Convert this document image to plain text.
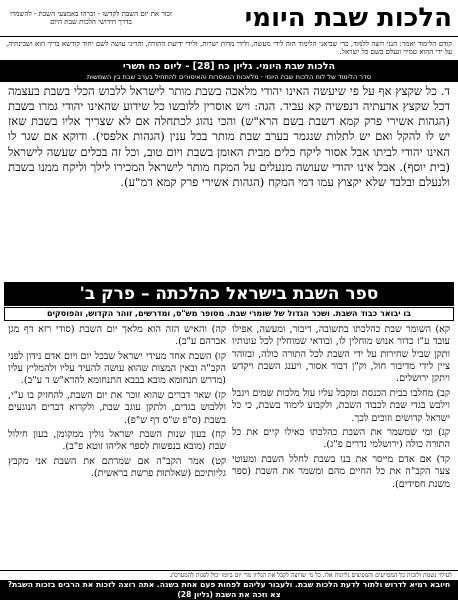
הלכות שבת היומי
זכור את יום השבת לקדשו - זכרהו באמצעי השבת - להשמרו בדרך חידושי הלכות שבת היום
קודם הלימוד יאמר: הנני רוצה ללמוד, כדי שביאני הלימוד הזה לידי מעשה, ולידי מדות ישרות, ולידי ידיעת התורה, והריני עושה לשם יחוד קודשא בריך הוא ושכינתיה, על ידי ההוא טמיר ונעלם בשם כל ישראל.
הלכות שבת היומי. גליון כח [28] - ליום כח תשרי
סדר הלימוד של לוח הלכות שבת היומי - מלאכות הנאסרות והאיסורים להתחיל בערב שבת בין השמשות
ד. כל שקצץ אף על פי שיעשה האינו יהודי מלאכה בשבת מותר לישראל ללבוש הכלי בשבת בעצמה דכל שקצץ אדעתיה דנפשיה קא עביד. הגה: ויש אוסרין ללובשו כל שידוע שהאינו יהודי גמרו בשבת (הגהות אשירי פרק קמא דשבת בשם הרא"ש) והכי נהוג לכתחלה אם לא שצריך אליו בשבת שאז יש לו להקל ואם יש לתלות שנגמר בערב שבת מותר בכל ענין (הגהות אלפסי). ודוקא אם שגר לו האינו יהודי לביתו אבל אסור ליקח כלים מבית האומן בשבת ויום טוב, וכל זה בכלים שעשה לישראל (בית יוסף). אבל אינו יהודי שעושה מנעלים על המקח מותר לישראל המכירו לילך וליקח ממנו בשבת ולנעלם ובלבד שלא יקצוץ עמו דמי המקח (הגהות אשירי פרק קמא דמ"ע).
ספר השבת בישראל כהלכתה – פרק ב'
בו יבואר כבוד השבת. ושכר הגדול של שומרי שבת. מסופר מש"ס, ומדרשים, זוהר הקדוש, והפוסקים

קא) השומר שבת כהלכתו בתשובה, דיבור, ומעשה, אפילו עובד ע"ז כדור אנוש מוחלין לו, ובודאי שמוחלין לכל עונותיו ותקן שביל שחירות על ידי השבת לכל התורה כולה, ובזוהר ציין לידי מדיבור חול, וק"ן דבור אסור, ויענג השבת ויקדש ויתקן ירושלים.

קב) מחלבו בבית הכנסת ומקבל עליו עול מלכות שמים ויגבל וילבש בגדי שבת לכבוד השבת, ולקבוע לימוד בשבת, כי כל ישראל קדושים וזוכים לכך.

קג) ומי שמשמר את השבת כהלכתו כאילו קיים את כל התורה כולה (ירושלמי נדרים פ"ג).

קד) אם אדם מייסר את בנו בשבת לחלל השבת ומעוטי צער הקב"ה את כל החיים מהם ומשמר את השבת (ספר משנת חסידים).

קה) והאיש הזה הוא מלאך יום השבת (סודי רזא דף מגן אברהם ע"ב).

קו) השבת אחד מעידי ישראל שבכל יום ויום אדם נידון לפני הקב"ה ובאין המצות שהוא עושה להעיד עליו ולהמליץ עליו (מדרש תנחומא מובא בבבא התנחומא להרא"ש ד ע"ב).

קז) שאר דברים שהוא זוכר את יום השבת, להחזיק בו ע"י, וללבוש בגדים, ולתקן עוגב שבת, ולקרוא דברים הנוגעים בשבת (ס"פ ש"ס דף ש"פ).

קח) בעון שנות השבת ישראל גולין ממקומן, בעון חילול שבת (מובא בנפשות לספר אליהו זוטא פ"ב).

קט) אמר הקב"ה אם שמרתם את השבת אני מקבץ גליותיכם (שאלתות פרשת בראשית).

לעילוי נשמת ולזכות כל המסייעים והמפיצים גליונות אלו. כל מי שרוצה לקבל את הגליון מדי יום ביומו יכול לפנות להמערכת.
חיובא רמיא לדרוש ולתור לדעת הלכות שבת. ולעבור עליהם לפחות פעם אחת בשנה. אתה רוצה לזכות את הרבים בזכות השבת? צא וזכה את השבת (גליון 28)
